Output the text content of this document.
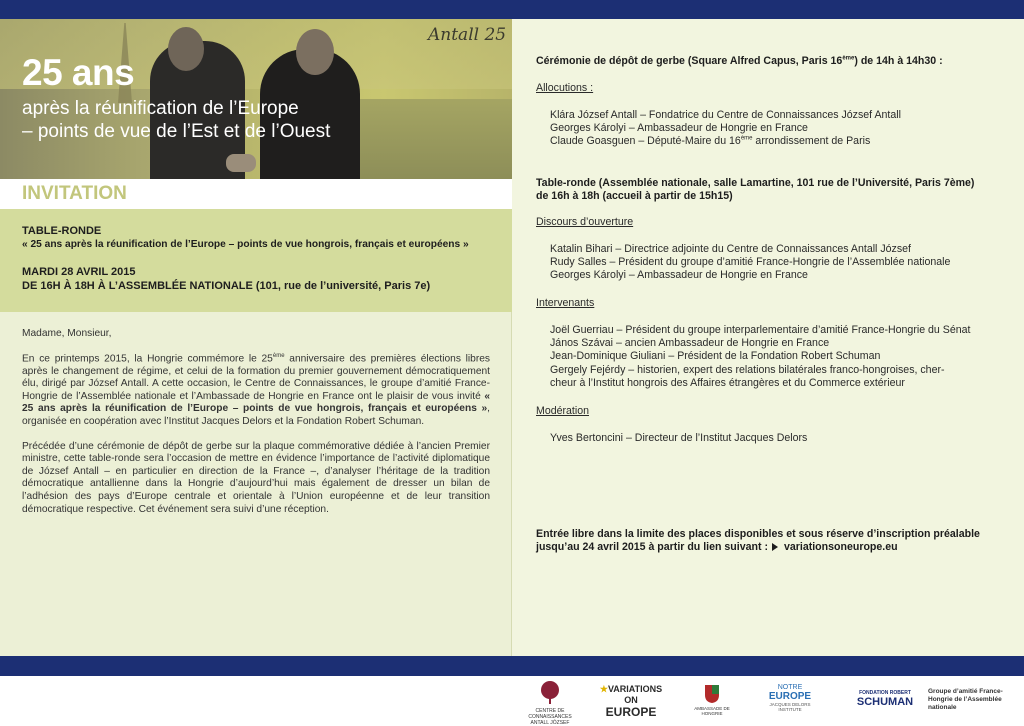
25 ans
après la réunification de l’Europe
– points de vue de l’Est et de l’Ouest
Antall 25
INVITATION
TABLE-RONDE
« 25 ans après la réunification de l’Europe – points de vue hongrois, français et européens »
MARDI 28 AVRIL 2015
DE 16H À 18H À L’ASSEMBLÉE NATIONALE (101, rue de l’université, Paris 7e)

Madame, Monsieur,

En ce printemps 2015, la Hongrie commémore le 25ème anniversaire des premières élections libres après le changement de régime, et celui de la formation du premier gouvernement démocratiquement élu, dirigé par József Antall. A cette occasion, le Centre de Connaissances, le groupe d’amitié France-Hongrie de l’Assemblée nationale et l’Ambassade de Hongrie en France ont le plaisir de vous invité « 25 ans après la réunification de l’Europe – points de vue hongrois, français et européens », organisée en coopération avec l’Institut Jacques Delors et la Fondation Robert Schuman.

Précédée d’une cérémonie de dépôt de gerbe sur la plaque commémorative dédiée à l’ancien Premier ministre, cette table-ronde sera l’occasion de mettre en évidence l’importance de l’activité diplomatique de József Antall – en particulier en direction de la France –, d’analyser l’héritage de la tradition démocratique antallienne dans la Hongrie d’aujourd’hui mais également de dresser un bilan de l’adhésion des pays d’Europe centrale et orientale à l’Union européenne et de leur transition démocratique respective. Cet événement sera suivi d’une réception.

Cérémonie de dépôt de gerbe (Square Alfred Capus, Paris 16ème) de 14h à 14h30 :
Allocutions :
Klára József Antall – Fondatrice du Centre de Connaissances József Antall
Georges Károlyi – Ambassadeur de Hongrie en France
Claude Goasguen – Député-Maire du 16ème arrondissement de Paris
Table-ronde (Assemblée nationale, salle Lamartine, 101 rue de l’Université, Paris 7ème)
de 16h à 18h (accueil à partir de 15h15)
Discours d’ouverture
Katalin Bihari – Directrice adjointe du Centre de Connaissances Antall József
Rudy Salles – Président du groupe d’amitié France-Hongrie de l’Assemblée nationale
Georges Károlyi – Ambassadeur de Hongrie en France
Intervenants
Joël Guerriau – Président du groupe interparlementaire d’amitié France-Hongrie du Sénat
János Szávai – ancien Ambassadeur de Hongrie en France
Jean-Dominique Giuliani – Président de la Fondation Robert Schuman
Gergely Fejérdy – historien, expert des relations bilatérales franco-hongroises, cher-
cheur à l’Institut hongrois des Affaires étrangères et du Commerce extérieur
Modération
Yves Bertoncini – Directeur de l’Institut Jacques Delors
Entrée libre dans la limite des places disponibles et sous réserve d’inscription préalable
jusqu’au 24 avril 2015 à partir du lien suivant : variationsoneurope.eu
CENTRE DE CONNAISSANCES ANTALL JÓZSEF
★VARIATIONS ON
EUROPE	AMBASSADE DE HONGRIE
NOTRE
EUROPE
JACQUES DELORS INSTITUTE
FONDATION ROBERT
SCHUMAN
Groupe d’amitié France-Hongrie de l’Assemblée nationale
